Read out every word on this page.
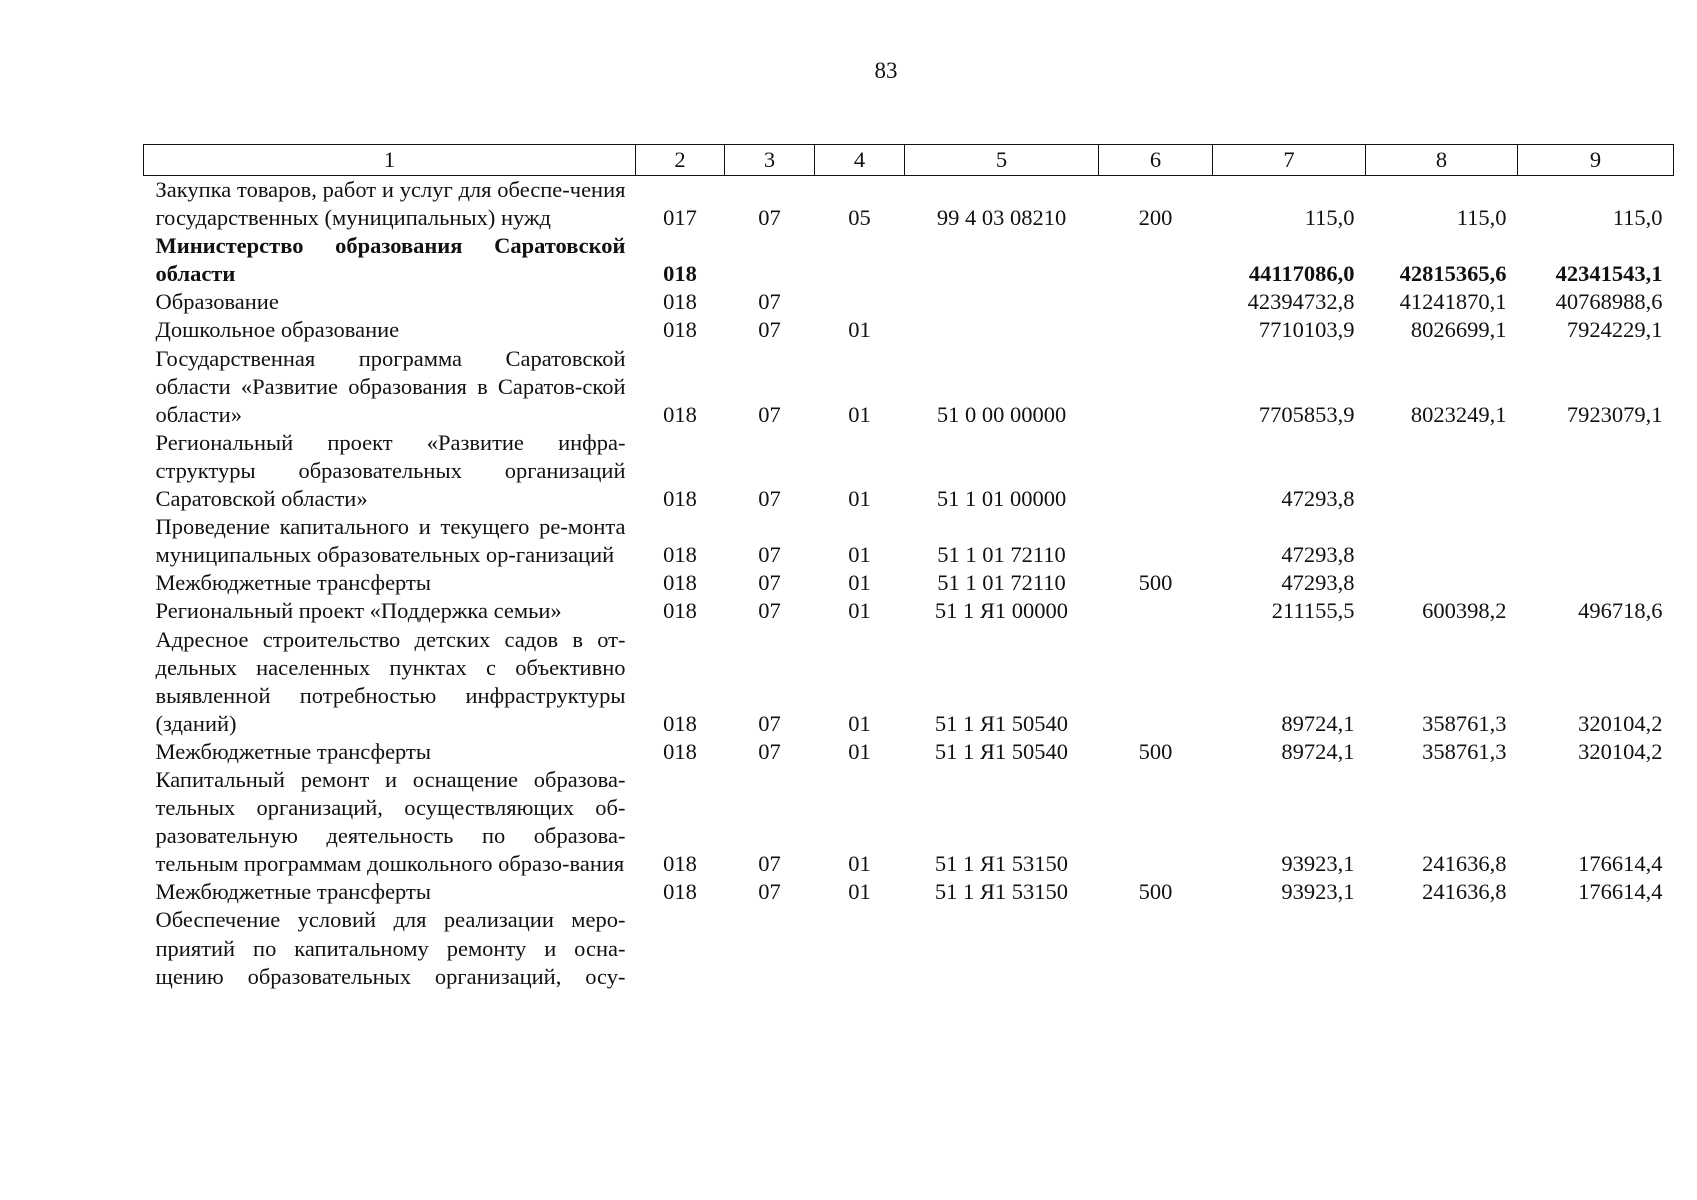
83
1	2	3	4	5	6	7	8	9
Закупка товаров, работ и услуг для обеспе-чения государственных (муниципальных) нужд	017	07	05	99 4 03 08210	200	115,0	115,0	115,0
Министерство образования Саратовской области	018					44117086,0	42815365,6	42341543,1
Образование	018	07				42394732,8	41241870,1	40768988,6
Дошкольное образование	018	07	01			7710103,9	8026699,1	7924229,1
Государственная программа Саратовской области «Развитие образования в Саратов-ской области»	018	07	01	51 0 00 00000		7705853,9	8023249,1	7923079,1
Региональный проект «Развитие инфра-структуры образовательных организаций Саратовской области»	018	07	01	51 1 01 00000		47293,8		
Проведение капитального и текущего ре-монта муниципальных образовательных ор-ганизаций	018	07	01	51 1 01 72110		47293,8		
Межбюджетные трансферты	018	07	01	51 1 01 72110	500	47293,8		
Региональный проект «Поддержка семьи»	018	07	01	51 1 Я1 00000		211155,5	600398,2	496718,6
Адресное строительство детских садов в от-дельных населенных пунктах с объективно выявленной потребностью инфраструктуры (зданий)	018	07	01	51 1 Я1 50540		89724,1	358761,3	320104,2
Межбюджетные трансферты	018	07	01	51 1 Я1 50540	500	89724,1	358761,3	320104,2
Капитальный ремонт и оснащение образова-тельных организаций, осуществляющих об-разовательную деятельность по образова-тельным программам дошкольного образо-вания	018	07	01	51 1 Я1 53150		93923,1	241636,8	176614,4
Межбюджетные трансферты	018	07	01	51 1 Я1 53150	500	93923,1	241636,8	176614,4
Обеспечение условий для реализации меро-приятий по капитальному ремонту и осна-щению образовательных организаций, осу-								
